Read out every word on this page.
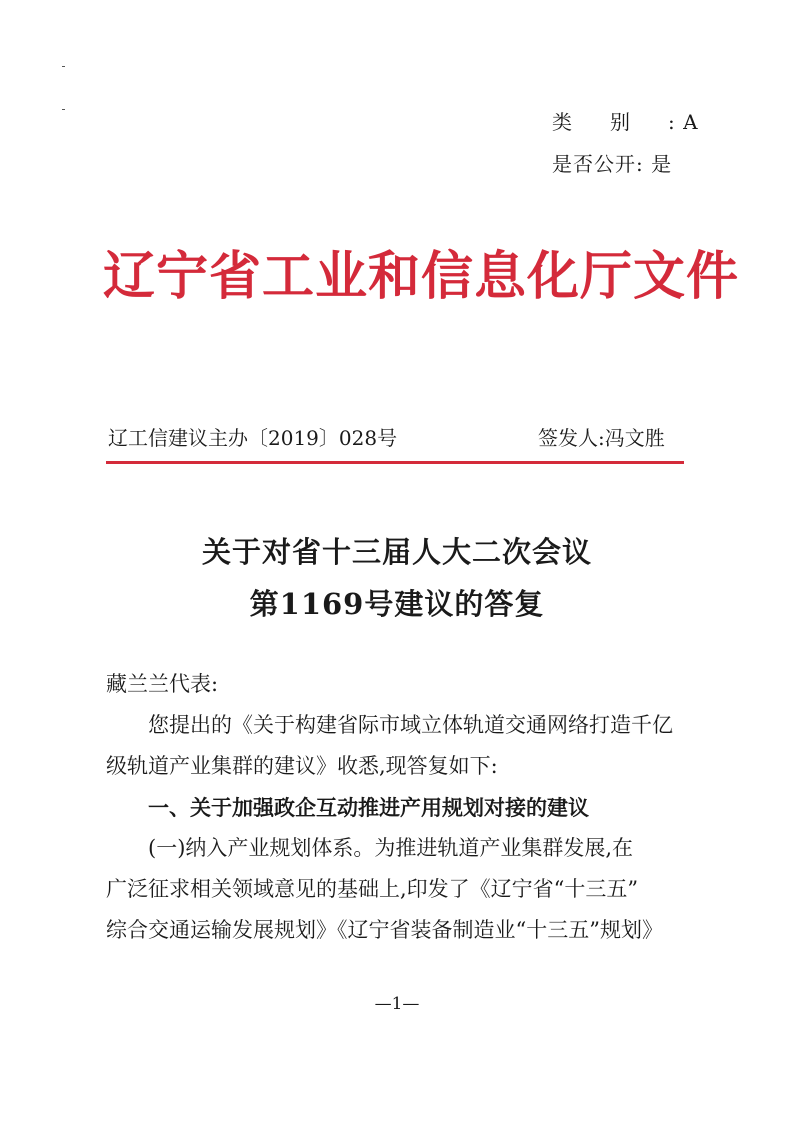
类别: A
是否公开: 是
辽宁省工业和信息化厅文件
辽工信建议主办〔2019〕028号	签发人:冯文胜
关于对省十三届人大二次会议
第1169号建议的答复
藏兰兰代表:
您提出的《关于构建省际市域立体轨道交通网络打造千亿
级轨道产业集群的建议》收悉,现答复如下:
一、关于加强政企互动推进产用规划对接的建议
(一)纳入产业规划体系。为推进轨道产业集群发展,在
广泛征求相关领域意见的基础上,印发了《辽宁省“十三五”
综合交通运输发展规划》《辽宁省装备制造业“十三五”规划》
—1—
